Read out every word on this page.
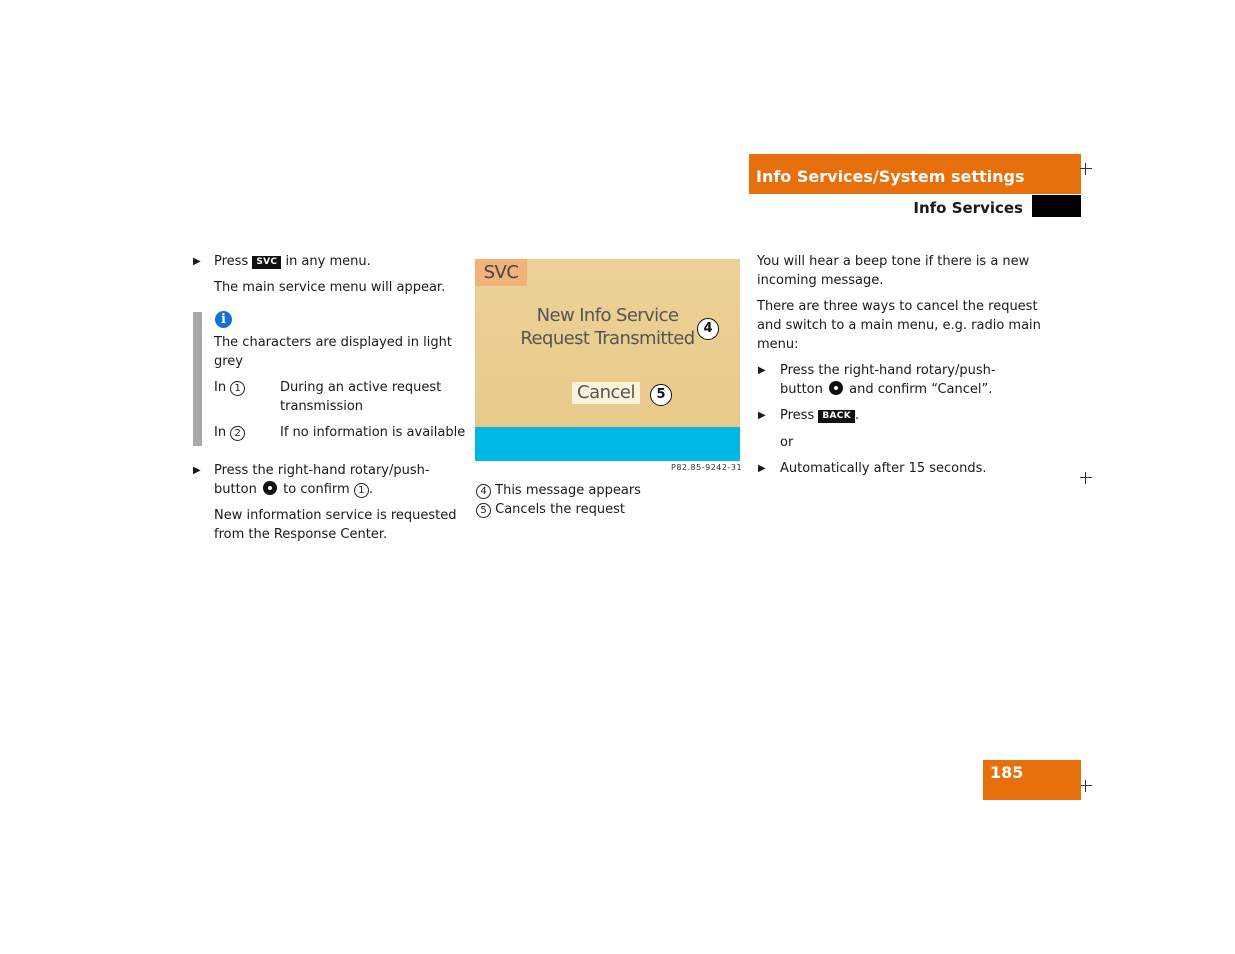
Info Services/System settings
Info Services
▶ Press SVC in any menu.
The main service menu will appear.
i
The characters are displayed in light
grey
In 1	During an active request
transmission
In 2	If no information is available
▶ Press the right-hand rotary/push-
button to confirm 1 .
New information service is requested
from the Response Center.
SVC
New Info Service
Request Transmitted 4
Cancel	5
P82.85-9242-31
4 This message appears
5 Cancels the request
You will hear a beep tone if there is a new
incoming message.
There are three ways to cancel the request
and switch to a main menu, e.g. radio main
menu:
▶ Press the right-hand rotary/push-
button and confirm “Cancel”.
▶ Press BACK .
or
▶ Automatically after 15 seconds.
185
